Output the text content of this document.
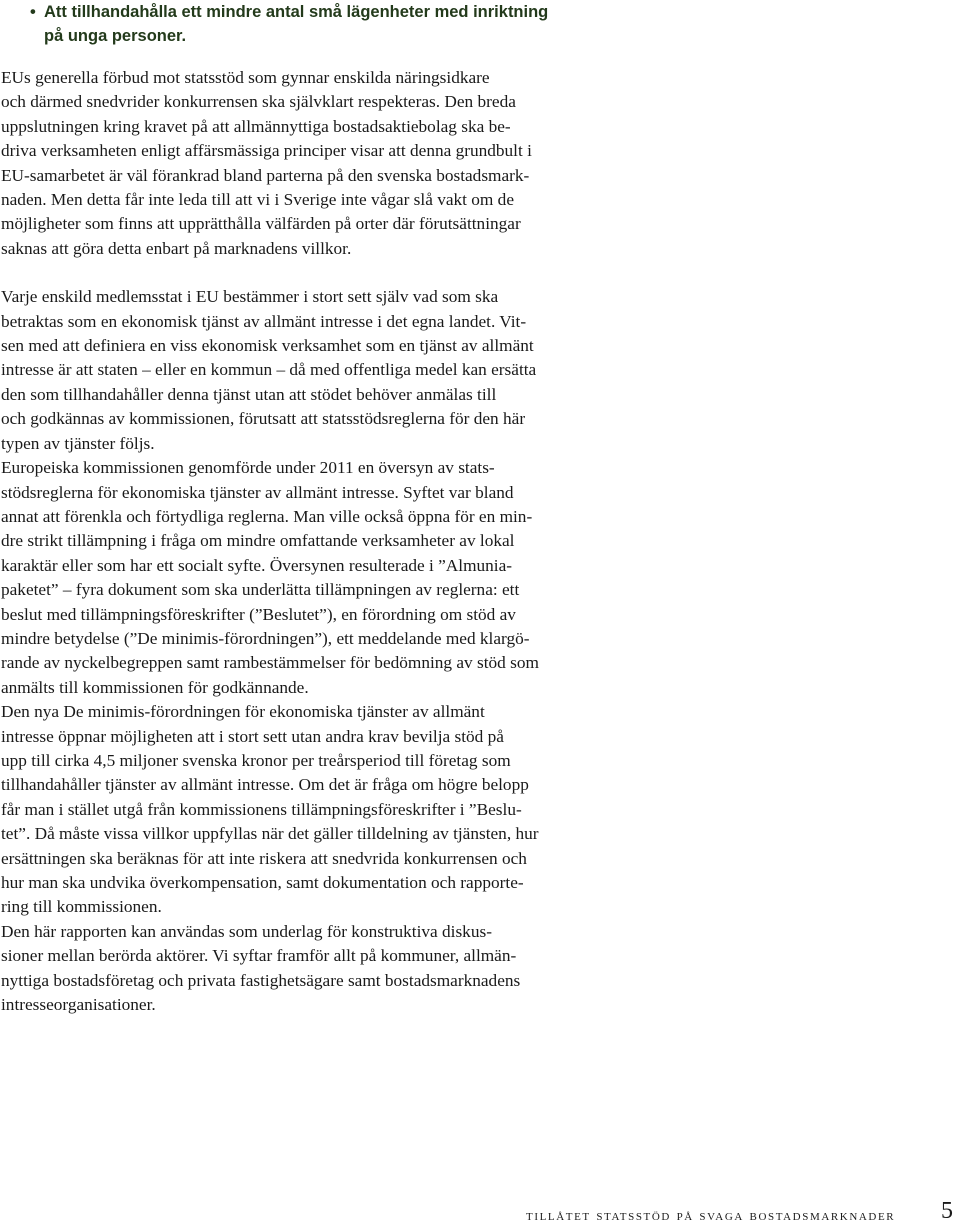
• Att tillhandahålla ett mindre antal små lägenheter med inriktning
på unga personer.

EUs generella förbud mot statsstöd som gynnar enskilda näringsidkare
och därmed snedvrider konkurrensen ska självklart respekteras. Den breda
uppslutningen kring kravet på att allmännyttiga bostadsaktiebolag ska be-
driva verksamheten enligt affärsmässiga principer visar att denna grundbult i
EU-samarbetet är väl förankrad bland parterna på den svenska bostadsmark-
naden. Men detta får inte leda till att vi i Sverige inte vågar slå vakt om de
möjligheter som finns att upprätthålla välfärden på orter där förutsättningar
saknas att göra detta enbart på marknadens villkor.

Varje enskild medlemsstat i EU bestämmer i stort sett själv vad som ska
betraktas som en ekonomisk tjänst av allmänt intresse i det egna landet. Vit-
sen med att definiera en viss ekonomisk verksamhet som en tjänst av allmänt
intresse är att staten – eller en kommun – då med offentliga medel kan ersätta
den som tillhandahåller denna tjänst utan att stödet behöver anmälas till
och godkännas av kommissionen, förutsatt att statsstödsreglerna för den här
typen av tjänster följs.

Europeiska kommissionen genomförde under 2011 en översyn av stats-
stödsreglerna för ekonomiska tjänster av allmänt intresse. Syftet var bland
annat att förenkla och förtydliga reglerna. Man ville också öppna för en min-
dre strikt tillämpning i fråga om mindre omfattande verksamheter av lokal
karaktär eller som har ett socialt syfte. Översynen resulterade i ”Almunia-
paketet” – fyra dokument som ska underlätta tillämpningen av reglerna: ett
beslut med tillämpningsföreskrifter (”Beslutet”), en förordning om stöd av
mindre betydelse (”De minimis-förordningen”), ett meddelande med klargö-
rande av nyckelbegreppen samt rambestämmelser för bedömning av stöd som
anmälts till kommissionen för godkännande.

Den nya De minimis-förordningen för ekonomiska tjänster av allmänt
intresse öppnar möjligheten att i stort sett utan andra krav bevilja stöd på
upp till cirka 4,5 miljoner svenska kronor per treårsperiod till företag som
tillhandahåller tjänster av allmänt intresse. Om det är fråga om högre belopp
får man i stället utgå från kommissionens tillämpningsföreskrifter i ”Beslu-
tet”. Då måste vissa villkor uppfyllas när det gäller tilldelning av tjänsten, hur
ersättningen ska beräknas för att inte riskera att snedvrida konkurrensen och
hur man ska undvika överkompensation, samt dokumentation och rapporte-
ring till kommissionen.

Den här rapporten kan användas som underlag för konstruktiva diskus-
sioner mellan berörda aktörer. Vi syftar framför allt på kommuner, allmän-
nyttiga bostadsföretag och privata fastighetsägare samt bostadsmarknadens
intresseorganisationer.

tillåtet statsstöd på svaga bostadsmarknader 5
